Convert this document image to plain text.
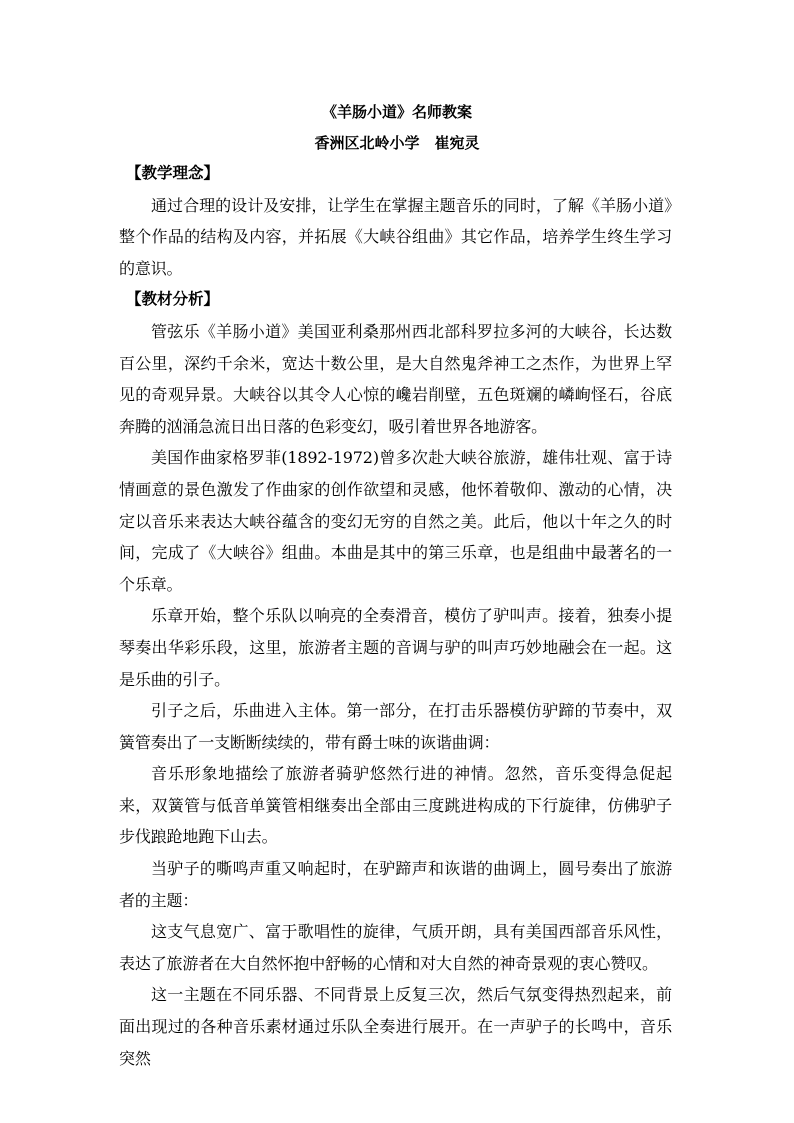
《羊肠小道》名师教案
香洲区北岭小学　崔宛灵

【教学理念】

通过合理的设计及安排，让学生在掌握主题音乐的同时，了解《羊肠小道》整个作品的结构及内容，并拓展《大峡谷组曲》其它作品，培养学生终生学习的意识。

【教材分析】

管弦乐《羊肠小道》美国亚利桑那州西北部科罗拉多河的大峡谷，长达数百公里，深约千余米，宽达十数公里，是大自然鬼斧神工之杰作，为世界上罕见的奇观异景。大峡谷以其令人心惊的巉岩削壁，五色斑斓的嶙峋怪石，谷底奔腾的汹涌急流日出日落的色彩变幻，吸引着世界各地游客。

美国作曲家格罗菲(1892-1972)曾多次赴大峡谷旅游，雄伟壮观、富于诗情画意的景色激发了作曲家的创作欲望和灵感，他怀着敬仰、激动的心情，决定以音乐来表达大峡谷蕴含的变幻无穷的自然之美。此后，他以十年之久的时间，完成了《大峡谷》组曲。本曲是其中的第三乐章，也是组曲中最著名的一个乐章。

乐章开始，整个乐队以响亮的全奏滑音，模仿了驴叫声。接着，独奏小提琴奏出华彩乐段，这里，旅游者主题的音调与驴的叫声巧妙地融会在一起。这是乐曲的引子。

引子之后，乐曲进入主体。第一部分，在打击乐器模仿驴蹄的节奏中，双簧管奏出了一支断断续续的，带有爵士味的诙谐曲调：

音乐形象地描绘了旅游者骑驴悠然行进的神情。忽然，音乐变得急促起来，双簧管与低音单簧管相继奏出全部由三度跳进构成的下行旋律，仿佛驴子步伐踉跄地跑下山去。

当驴子的嘶鸣声重又响起时，在驴蹄声和诙谐的曲调上，圆号奏出了旅游者的主题：

这支气息宽广、富于歌唱性的旋律，气质开朗，具有美国西部音乐风性，表达了旅游者在大自然怀抱中舒畅的心情和对大自然的神奇景观的衷心赞叹。

这一主题在不同乐器、不同背景上反复三次，然后气氛变得热烈起来，前面出现过的各种音乐素材通过乐队全奏进行展开。在一声驴子的长鸣中，音乐突然
